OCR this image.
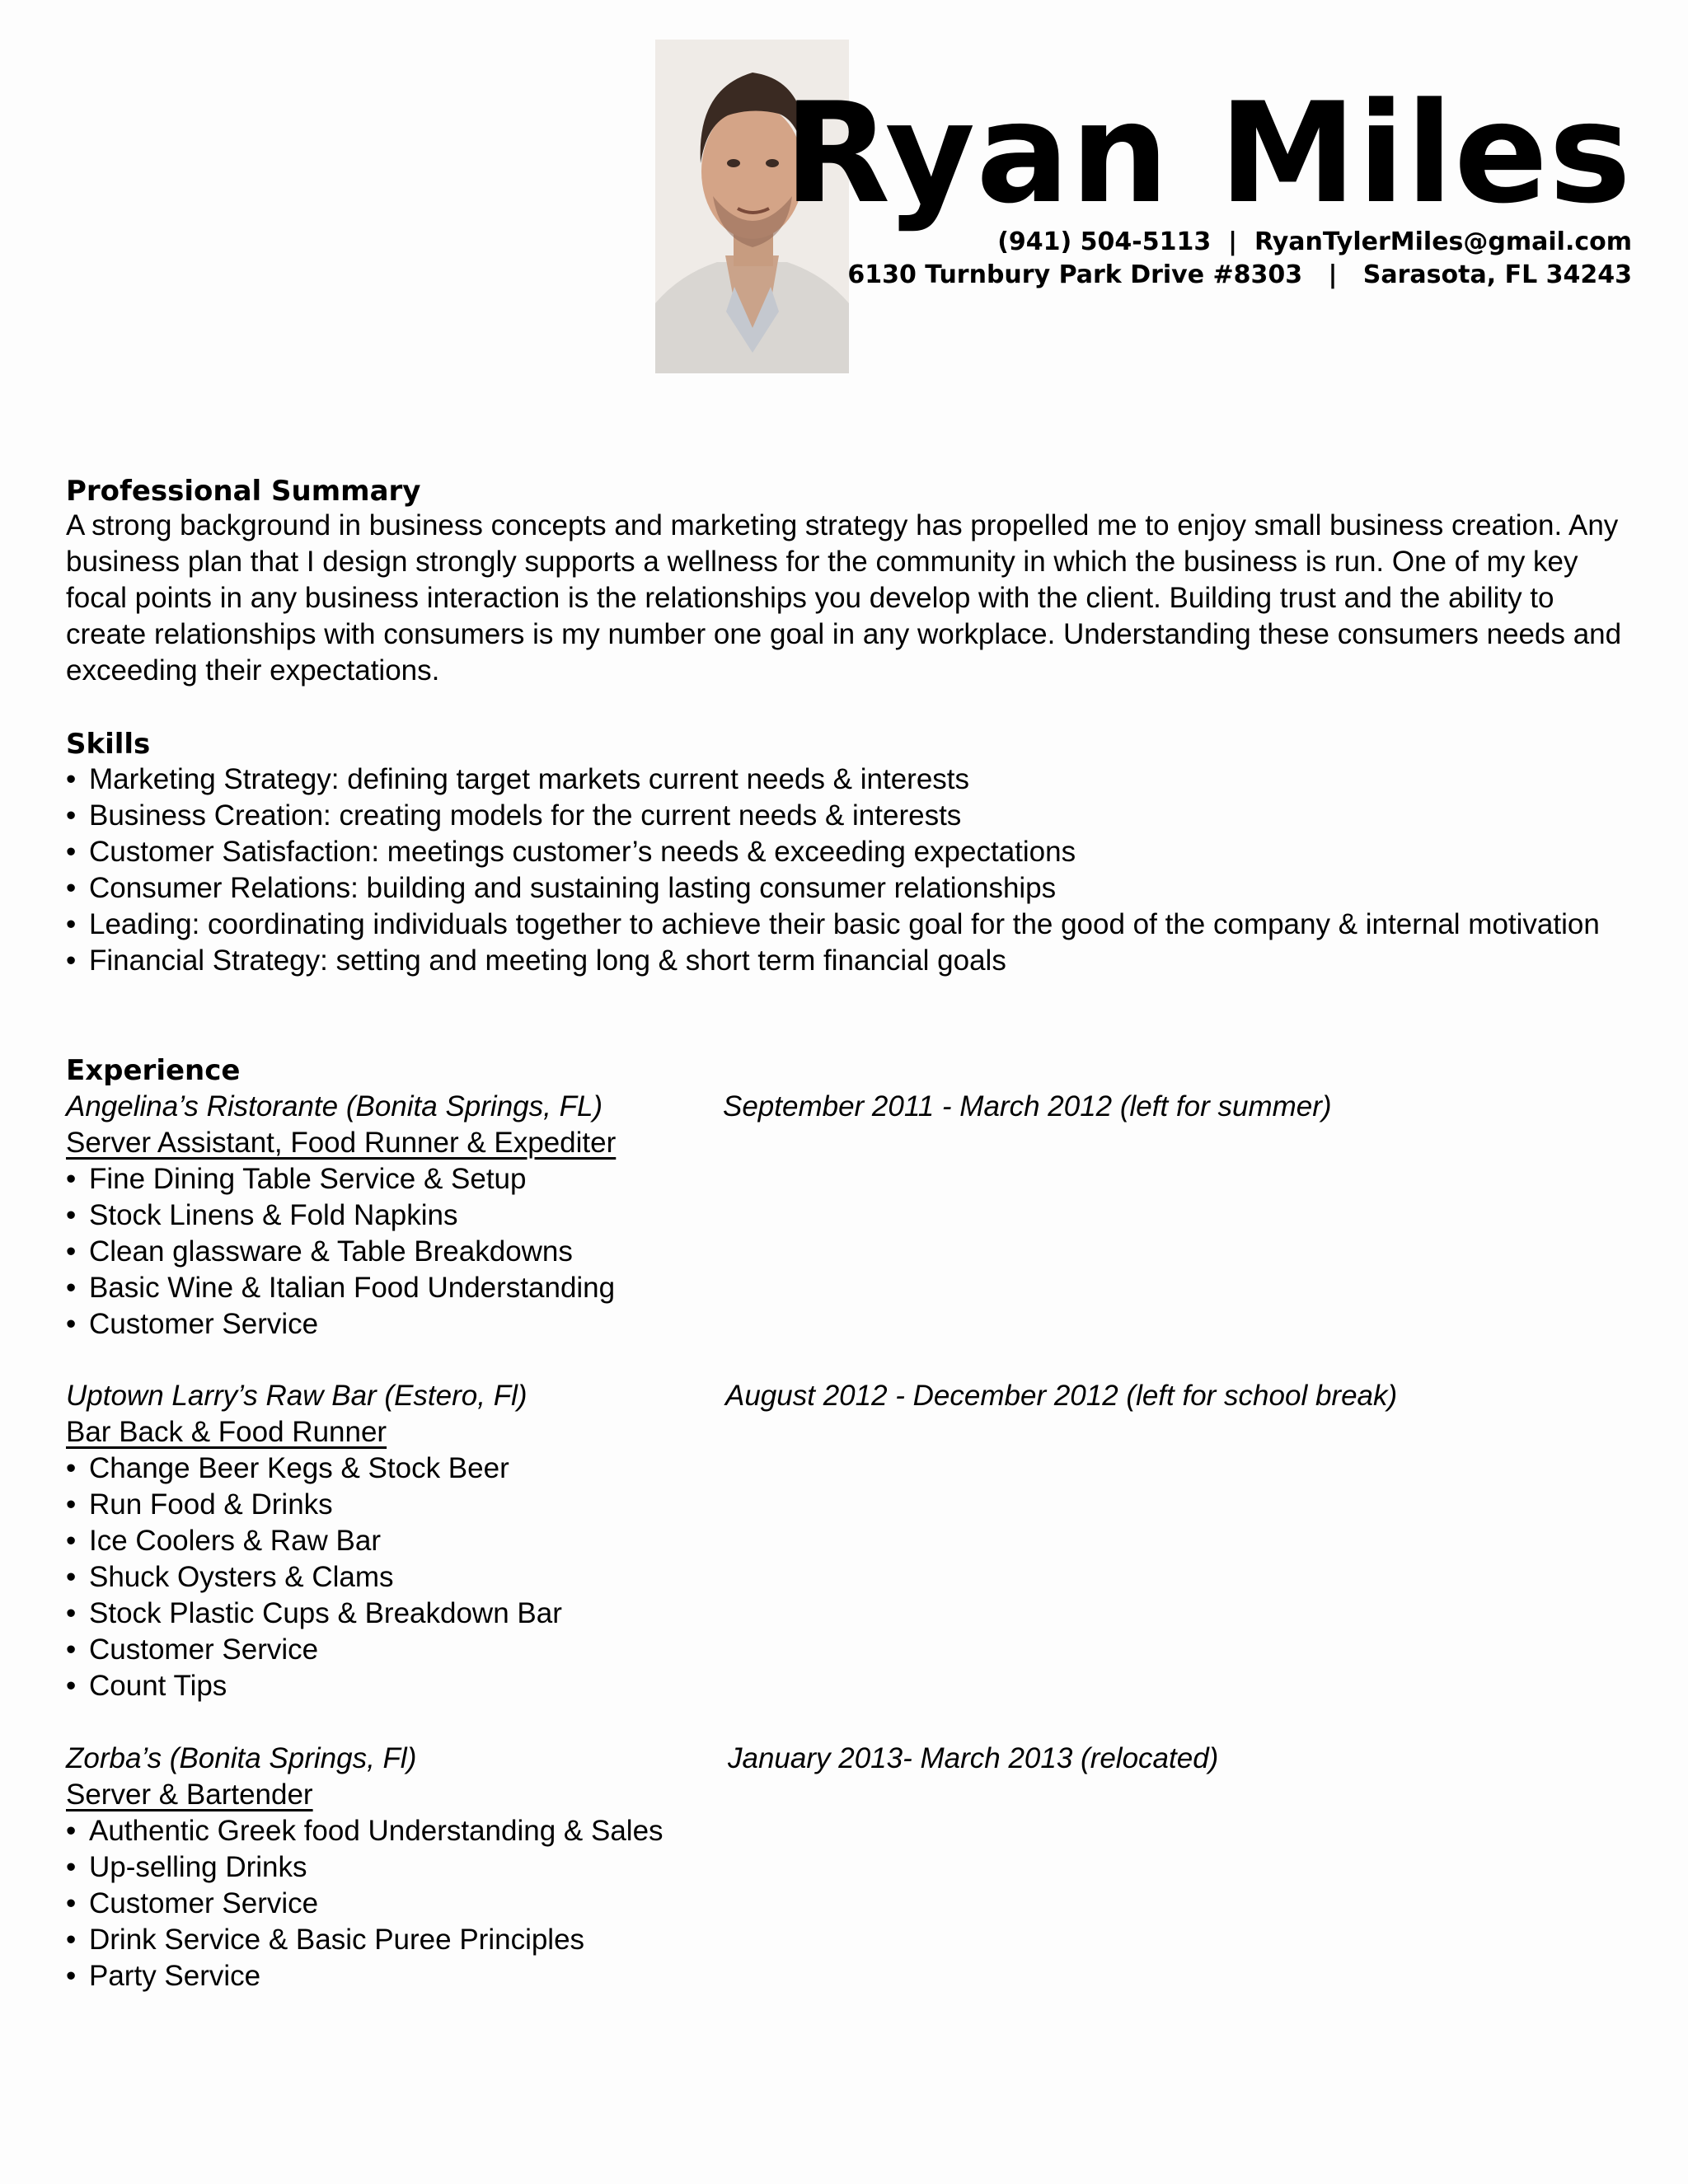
Ryan Miles
(941) 504-5113  |  RyanTylerMiles@gmail.com
6130 Turnbury Park Drive #8303   |   Sarasota, FL 34243
Professional Summary

A strong background in business concepts and marketing strategy has propelled me to enjoy small business creation. Any business plan that I design strongly supports a wellness for the community in which the business is run. One of my key focal points in any business interaction is the relationships you develop with the client. Building trust and the ability to create relationships with consumers is my number one goal in any workplace. Understanding these consumers needs and exceeding their expectations.

Skills
• Marketing Strategy: defining target markets current needs & interests
• Business Creation: creating models for the current needs & interests
• Customer Satisfaction: meetings customer’s needs & exceeding expectations
• Consumer Relations: building and sustaining lasting consumer relationships
• Leading: coordinating individuals together to achieve their basic goal for the good of the company & internal motivation
• Financial Strategy: setting and meeting long & short term financial goals
Experience
Angelina’s Ristorante (Bonita Springs, FL)	September 2011 - March 2012 (left for summer)
Server Assistant, Food Runner & Expediter
• Fine Dining Table Service & Setup
• Stock Linens & Fold Napkins
• Clean glassware & Table Breakdowns
• Basic Wine & Italian Food Understanding
• Customer Service
Uptown Larry’s Raw Bar (Estero, Fl)	August 2012 - December 2012 (left for school break)
Bar Back & Food Runner
• Change Beer Kegs & Stock Beer
• Run Food & Drinks
• Ice Coolers & Raw Bar
• Shuck Oysters & Clams
• Stock Plastic Cups & Breakdown Bar
• Customer Service
• Count Tips
Zorba’s (Bonita Springs, Fl)	January 2013- March 2013 (relocated)
Server & Bartender
• Authentic Greek food Understanding & Sales
• Up-selling Drinks
• Customer Service
• Drink Service & Basic Puree Principles
• Party Service
